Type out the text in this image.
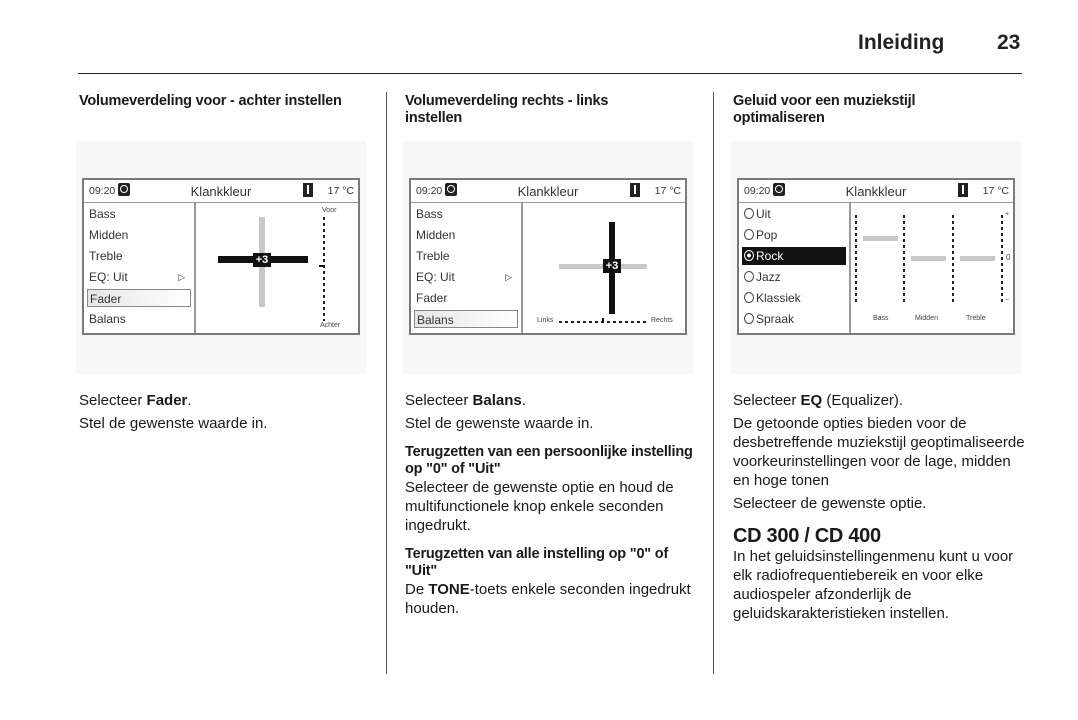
Inleiding	23
Volumeverdeling voor - achter instellen
09:20	Klankkleur	17 °C
Bass
Midden
Treble
EQ: Uit	▷
Fader
Balans
+3
Voor
Achter

Selecteer Fader.

Stel de gewenste waarde in.

Volumeverdeling rechts - links instellen
09:20	Klankkleur	17 °C
Bass
Midden
Treble
EQ: Uit	▷
Fader
Balans
+3
Links	Rechts

Selecteer Balans.

Stel de gewenste waarde in.

Terugzetten van een persoonlijke instelling op "0" of "Uit"

Selecteer de gewenste optie en houd de multifunctionele knop enkele seconden ingedrukt.

Terugzetten van alle instelling op "0" of "Uit"

De TONE-toets enkele seconden ingedrukt houden.

Geluid voor een muziekstijl optimaliseren
09:20	Klankkleur	17 °C
Uit
Pop
Rock
Jazz
Klassiek
Spraak
+
0
–
Bass	Midden	Treble

Selecteer EQ (Equalizer).

De getoonde opties bieden voor de desbetreffende muziekstijl geoptimaliseerde voorkeurinstellingen voor de lage, midden en hoge tonen

Selecteer de gewenste optie.

CD 300 / CD 400

In het geluidsinstellingenmenu kunt u voor elk radiofrequentiebereik en voor elke audiospeler afzonderlijk de geluidskarakteristieken instellen.
